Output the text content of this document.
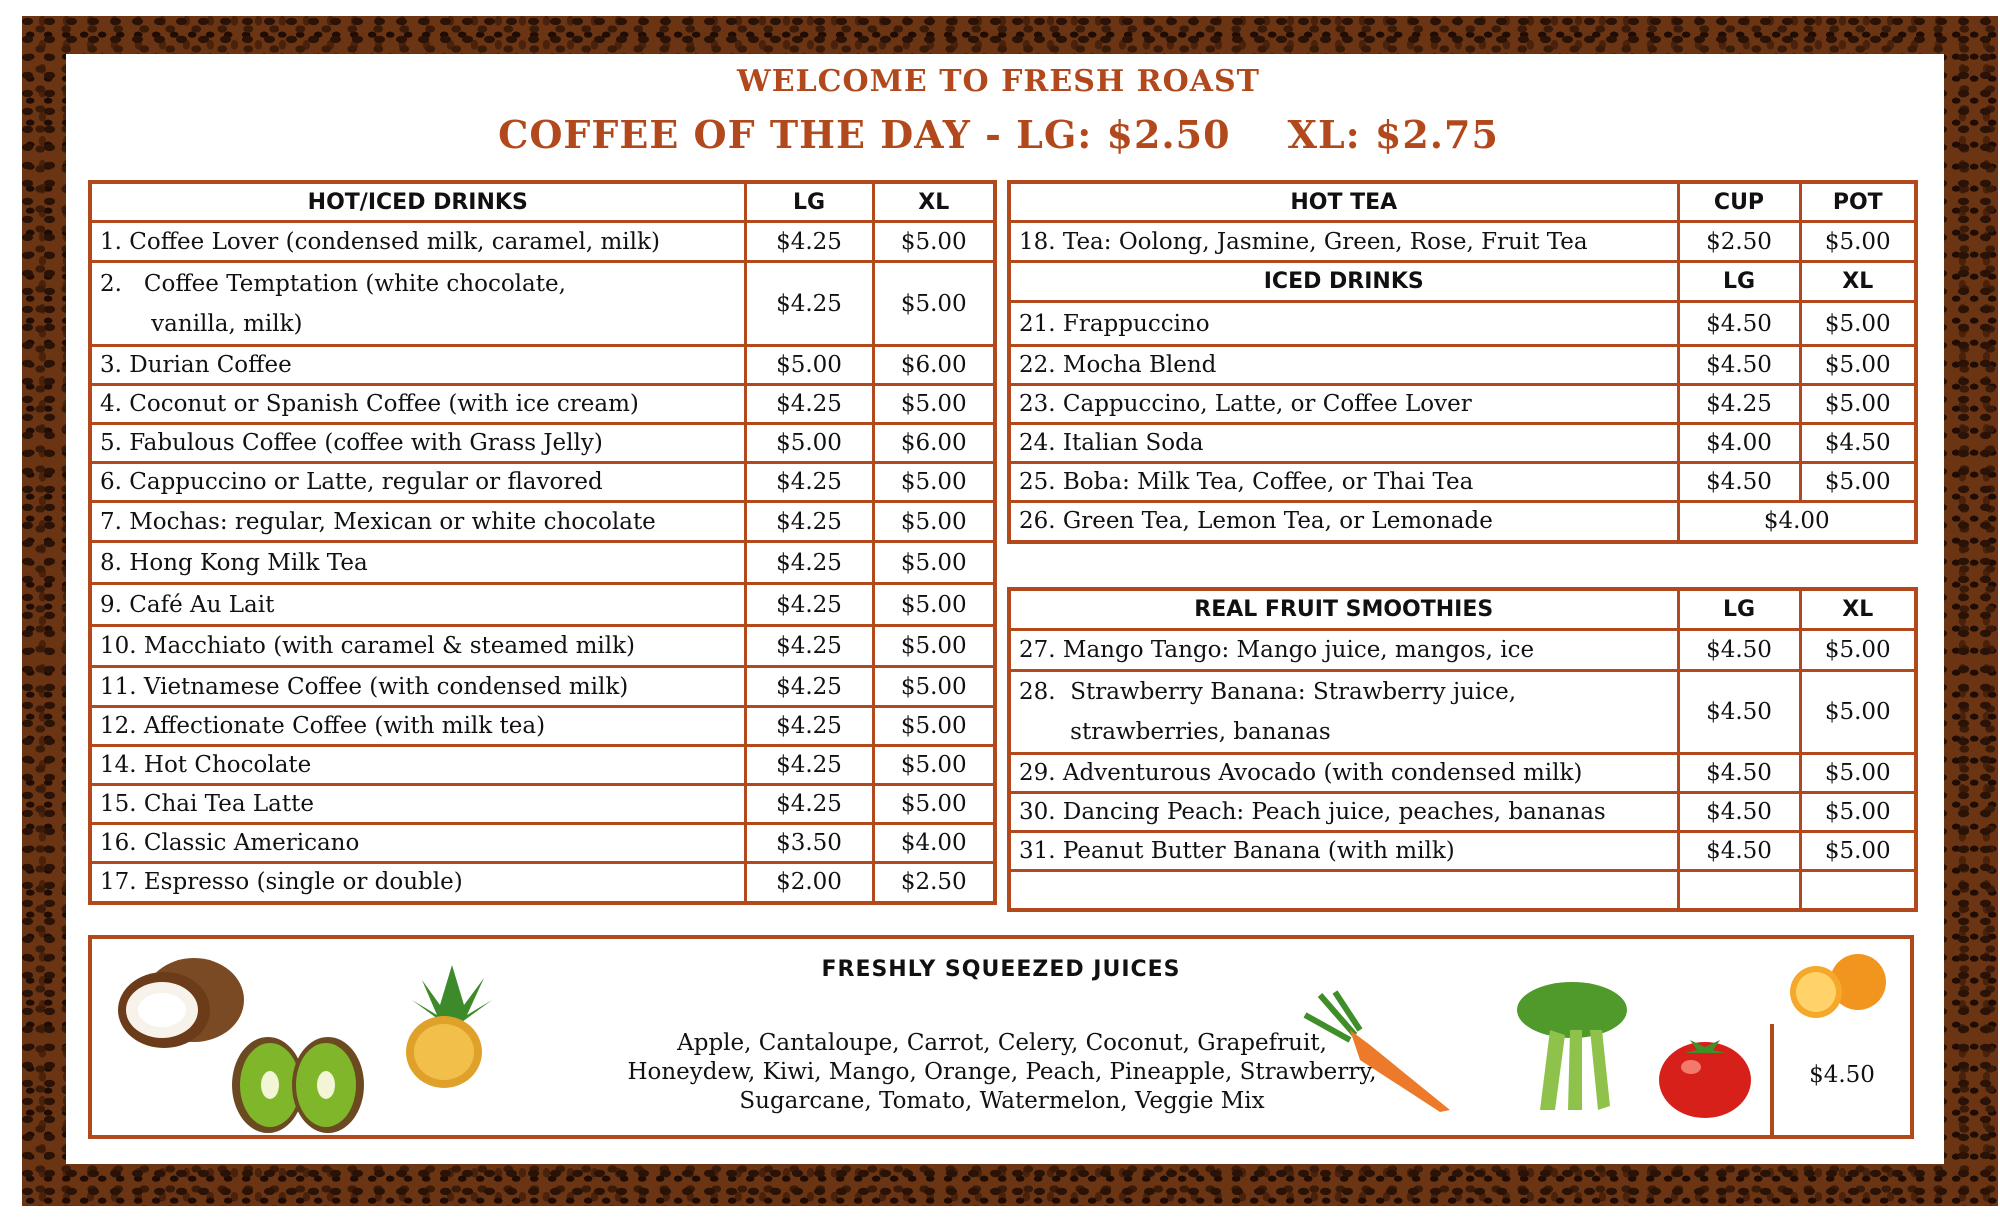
WELCOME TO FRESH ROAST
COFFEE OF THE DAY - LG: $2.50    XL: $2.75
HOT/ICED DRINKS	LG	XL
1. Coffee Lover (condensed milk, caramel, milk)	$4.25	$5.00
2.   Coffee Temptation (white chocolate,
vanilla, milk)	$4.25	$5.00
3. Durian Coffee	$5.00	$6.00
4. Coconut or Spanish Coffee (with ice cream)	$4.25	$5.00
5. Fabulous Coffee (coffee with Grass Jelly)	$5.00	$6.00
6. Cappuccino or Latte, regular or flavored	$4.25	$5.00
7. Mochas: regular, Mexican or white chocolate	$4.25	$5.00
8. Hong Kong Milk Tea	$4.25	$5.00
9. Café Au Lait	$4.25	$5.00
10. Macchiato (with caramel & steamed milk)	$4.25	$5.00
11. Vietnamese Coffee (with condensed milk)	$4.25	$5.00
12. Affectionate Coffee (with milk tea)	$4.25	$5.00
14. Hot Chocolate	$4.25	$5.00
15. Chai Tea Latte	$4.25	$5.00
16. Classic Americano	$3.50	$4.00
17. Espresso (single or double)	$2.00	$2.50
HOT TEA	CUP	POT
18. Tea: Oolong, Jasmine, Green, Rose, Fruit Tea	$2.50	$5.00
ICED DRINKS	LG	XL
21. Frappuccino	$4.50	$5.00
22. Mocha Blend	$4.50	$5.00
23. Cappuccino, Latte, or Coffee Lover	$4.25	$5.00
24. Italian Soda	$4.00	$4.50
25. Boba: Milk Tea, Coffee, or Thai Tea	$4.50	$5.00
26. Green Tea, Lemon Tea, or Lemonade	$4.00	
REAL FRUIT SMOOTHIES	LG	XL
27. Mango Tango: Mango juice, mangos, ice	$4.50	$5.00
28.  Strawberry Banana: Strawberry juice,
strawberries, bananas	$4.50	$5.00
29. Adventurous Avocado (with condensed milk)	$4.50	$5.00
30. Dancing Peach: Peach juice, peaches, bananas	$4.50	$5.00
31. Peanut Butter Banana (with milk)	$4.50	$5.00

FRESHLY SQUEEZED JUICES
Apple, Cantaloupe, Carrot, Celery, Coconut, Grapefruit,
Honeydew, Kiwi, Mango, Orange, Peach, Pineapple, Strawberry,
Sugarcane, Tomato, Watermelon, Veggie Mix
$4.50
